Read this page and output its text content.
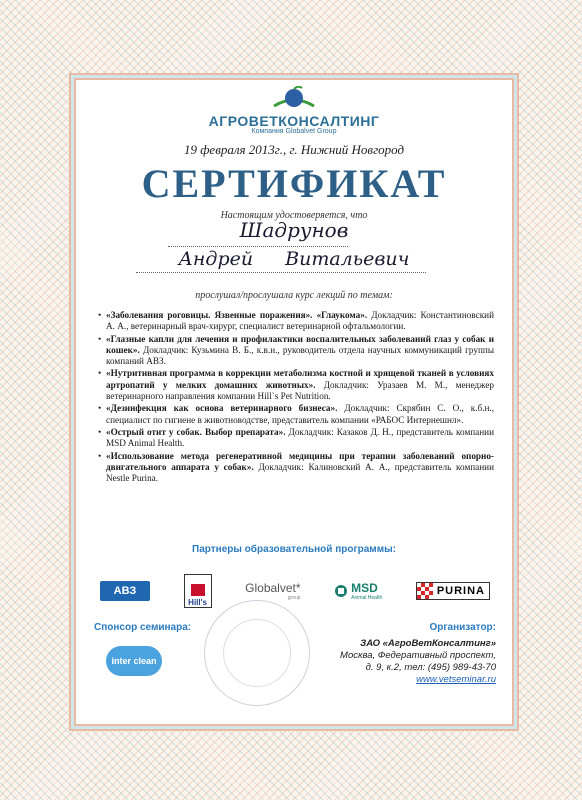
АГРОВЕТКОНСАЛТИНГ
Компания Globalvet Group
19 февраля 2013г., г. Нижний Новгород
СЕРТИФИКАТ
Настоящим удостоверяется, что
Шадрунов
Андрей Витальевич
прослушал/прослушала курс лекций по темам:
• «Заболевания роговицы. Язвенные поражения». «Глаукома». Докладчик: Константиновский А. А., ветеринарный врач-хирург, специалист ветеринарной офтальмологии.
• «Глазные капли для лечения и профилактики воспалительных заболеваний глаз у собак и кошек». Докладчик: Кузьмина В. Б., к.в.н., руководитель отдела научных коммуникаций группы компаний АВЗ.
• «Нутритивная программа в коррекции метаболизма костной и хрящевой тканей в условиях артропатий у мелких домашних животных». Докладчик: Уразаев М. М., менеджер ветеринарного направления компании Hill`s Pet Nutrition.
• «Дезинфекция как основа ветеринарного бизнеса». Докладчик: Скрябин С. О., к.б.н., специалист по гигиене в животноводстве, представитель компании «РАБОС Интернешнл».
• «Острый отит у собак. Выбор препарата». Докладчик: Казаков Д. Н., представитель компании MSD Animal Health.
• «Использование метода регенеративной медицины при терапии заболеваний опорно-двигательного аппарата у собак». Докладчик: Калиновский А. А., представитель компании Nestle Purina.
Партнеры образовательной программы:
АВЗ
Hill's
Globalvet*
group
MSD
Animal Health
PURINA
Спонсор семинара:
inter clean
Организатор:
ЗАО «АгроВетКонсалтинг»
Москва, Федеративный проспект,
д. 9, к.2, тел: (495) 989-43-70
www.vetseminar.ru
